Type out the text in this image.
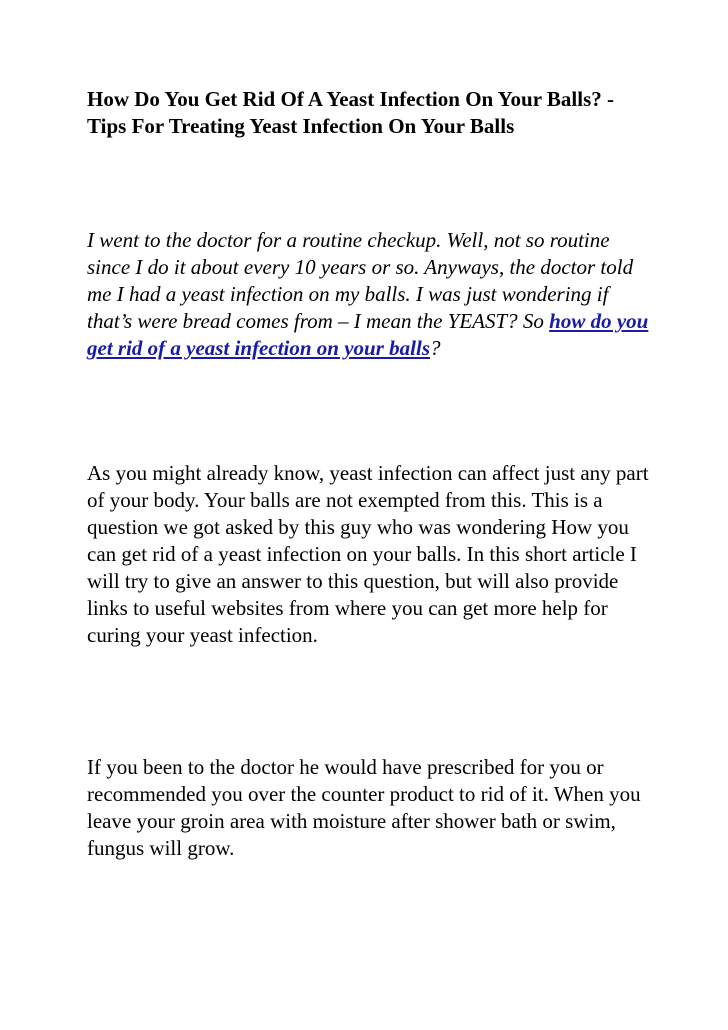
How Do You Get Rid Of A Yeast Infection On Your Balls? - Tips For Treating Yeast Infection On Your Balls

I went to the doctor for a routine checkup. Well, not so routine since I do it about every 10 years or so. Anyways, the doctor told me I had a yeast infection on my balls. I was just wondering if that’s were bread comes from – I mean the YEAST? So how do you get rid of a yeast infection on your balls?

As you might already know, yeast infection can affect just any part of your body. Your balls are not exempted from this. This is a question we got asked by this guy who was wondering How you can get rid of a yeast infection on your balls. In this short article I will try to give an answer to this question, but will also provide links to useful websites from where you can get more help for curing your yeast infection.

If you been to the doctor he would have prescribed for you or recommended you over the counter product to rid of it. When you leave your groin area with moisture after shower bath or swim, fungus will grow.
